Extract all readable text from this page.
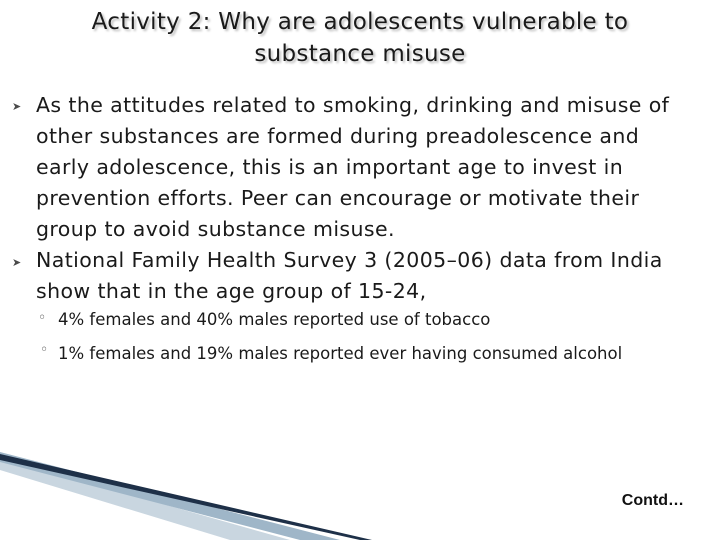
Activity 2: Why are adolescents vulnerable to substance misuse
➤ As the attitudes related to smoking, drinking and misuse of other substances are formed during preadolescence and early adolescence, this is an important age to invest in prevention efforts. Peer can encourage or motivate their group to avoid substance misuse.
➤ National Family Health Survey 3 (2005–06) data from India show that in the age group of 15-24,
◦ 4% females and 40% males reported use of tobacco
◦ 1% females and 19% males reported ever having consumed alcohol
Contd…
